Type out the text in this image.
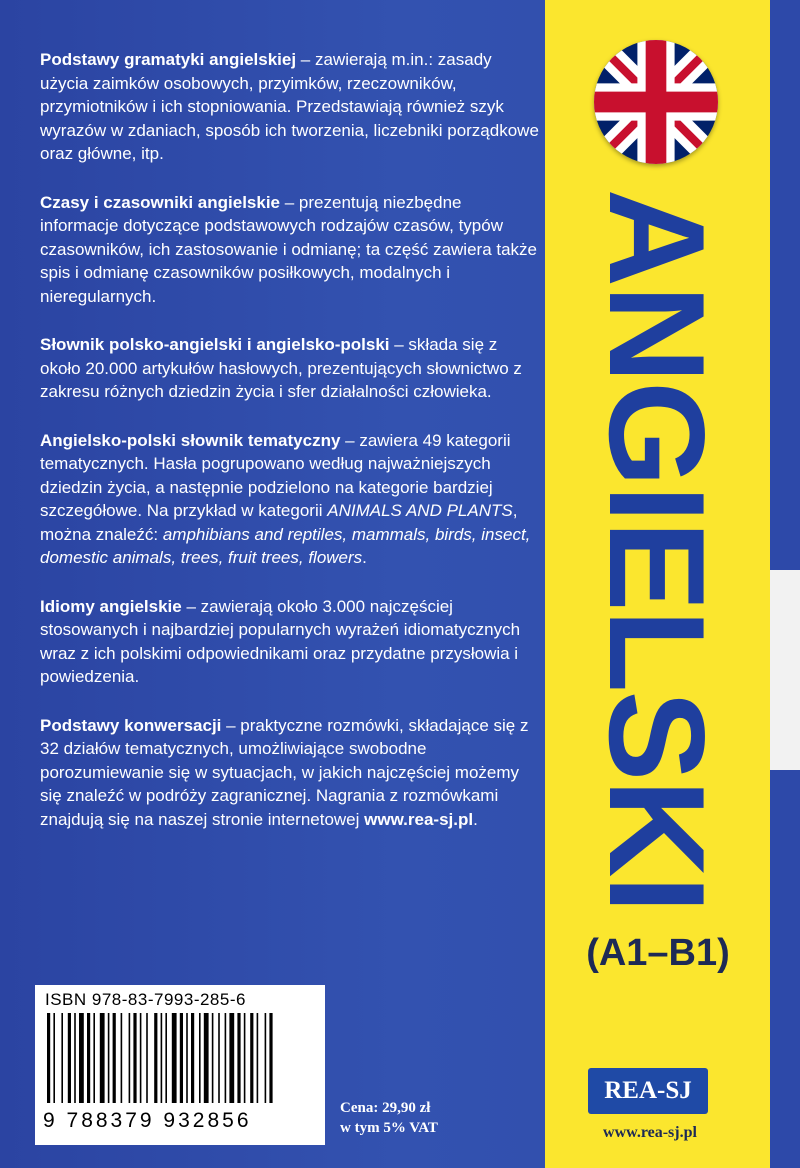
Podstawy gramatyki angielskiej – zawierają m.in.: zasady użycia zaimków osobowych, przyimków, rzeczowników, przymiotników i ich stopniowania. Przedstawiają również szyk wyrazów w zdaniach, sposób ich tworzenia, liczebniki porządkowe oraz główne, itp.

Czasy i czasowniki angielskie – prezentują niezbędne informacje dotyczące podstawowych rodzajów czasów, typów czasowników, ich zastosowanie i odmianę; ta część zawiera także spis i odmianę czasowników posiłkowych, modalnych i nieregularnych.

Słownik polsko-angielski i angielsko-polski – składa się z około 20.000 artykułów hasłowych, prezentujących słownictwo z zakresu różnych dziedzin życia i sfer działalności człowieka.

Angielsko-polski słownik tematyczny – zawiera 49 kategorii tematycznych. Hasła pogrupowano według najważniejszych dziedzin życia, a następnie podzielono na kategorie bardziej szczegółowe. Na przykład w kategorii ANIMALS AND PLANTS, można znaleźć: amphibians and reptiles, mammals, birds, insect, domestic animals, trees, fruit trees, flowers.

Idiomy angielskie – zawierają około 3.000 najczęściej stosowanych i najbardziej popularnych wyrażeń idiomatycznych wraz z ich polskimi odpowiednikami oraz przydatne przysłowia i powiedzenia.

Podstawy konwersacji – praktyczne rozmówki, składające się z 32 działów tematycznych, umożliwiające swobodne porozumiewanie się w sytuacjach, w jakich najczęściej możemy się znaleźć w podróży zagranicznej. Nagrania z rozmówkami znajdują się na naszej stronie internetowej www.rea-sj.pl. ANGIELSKI
(A1–B1)
REA-SJ
www.rea-sj.pl
Cena: 29,90 zł
w tym 5% VAT
ISBN 978-83-7993-285-6
9 788379 932856
